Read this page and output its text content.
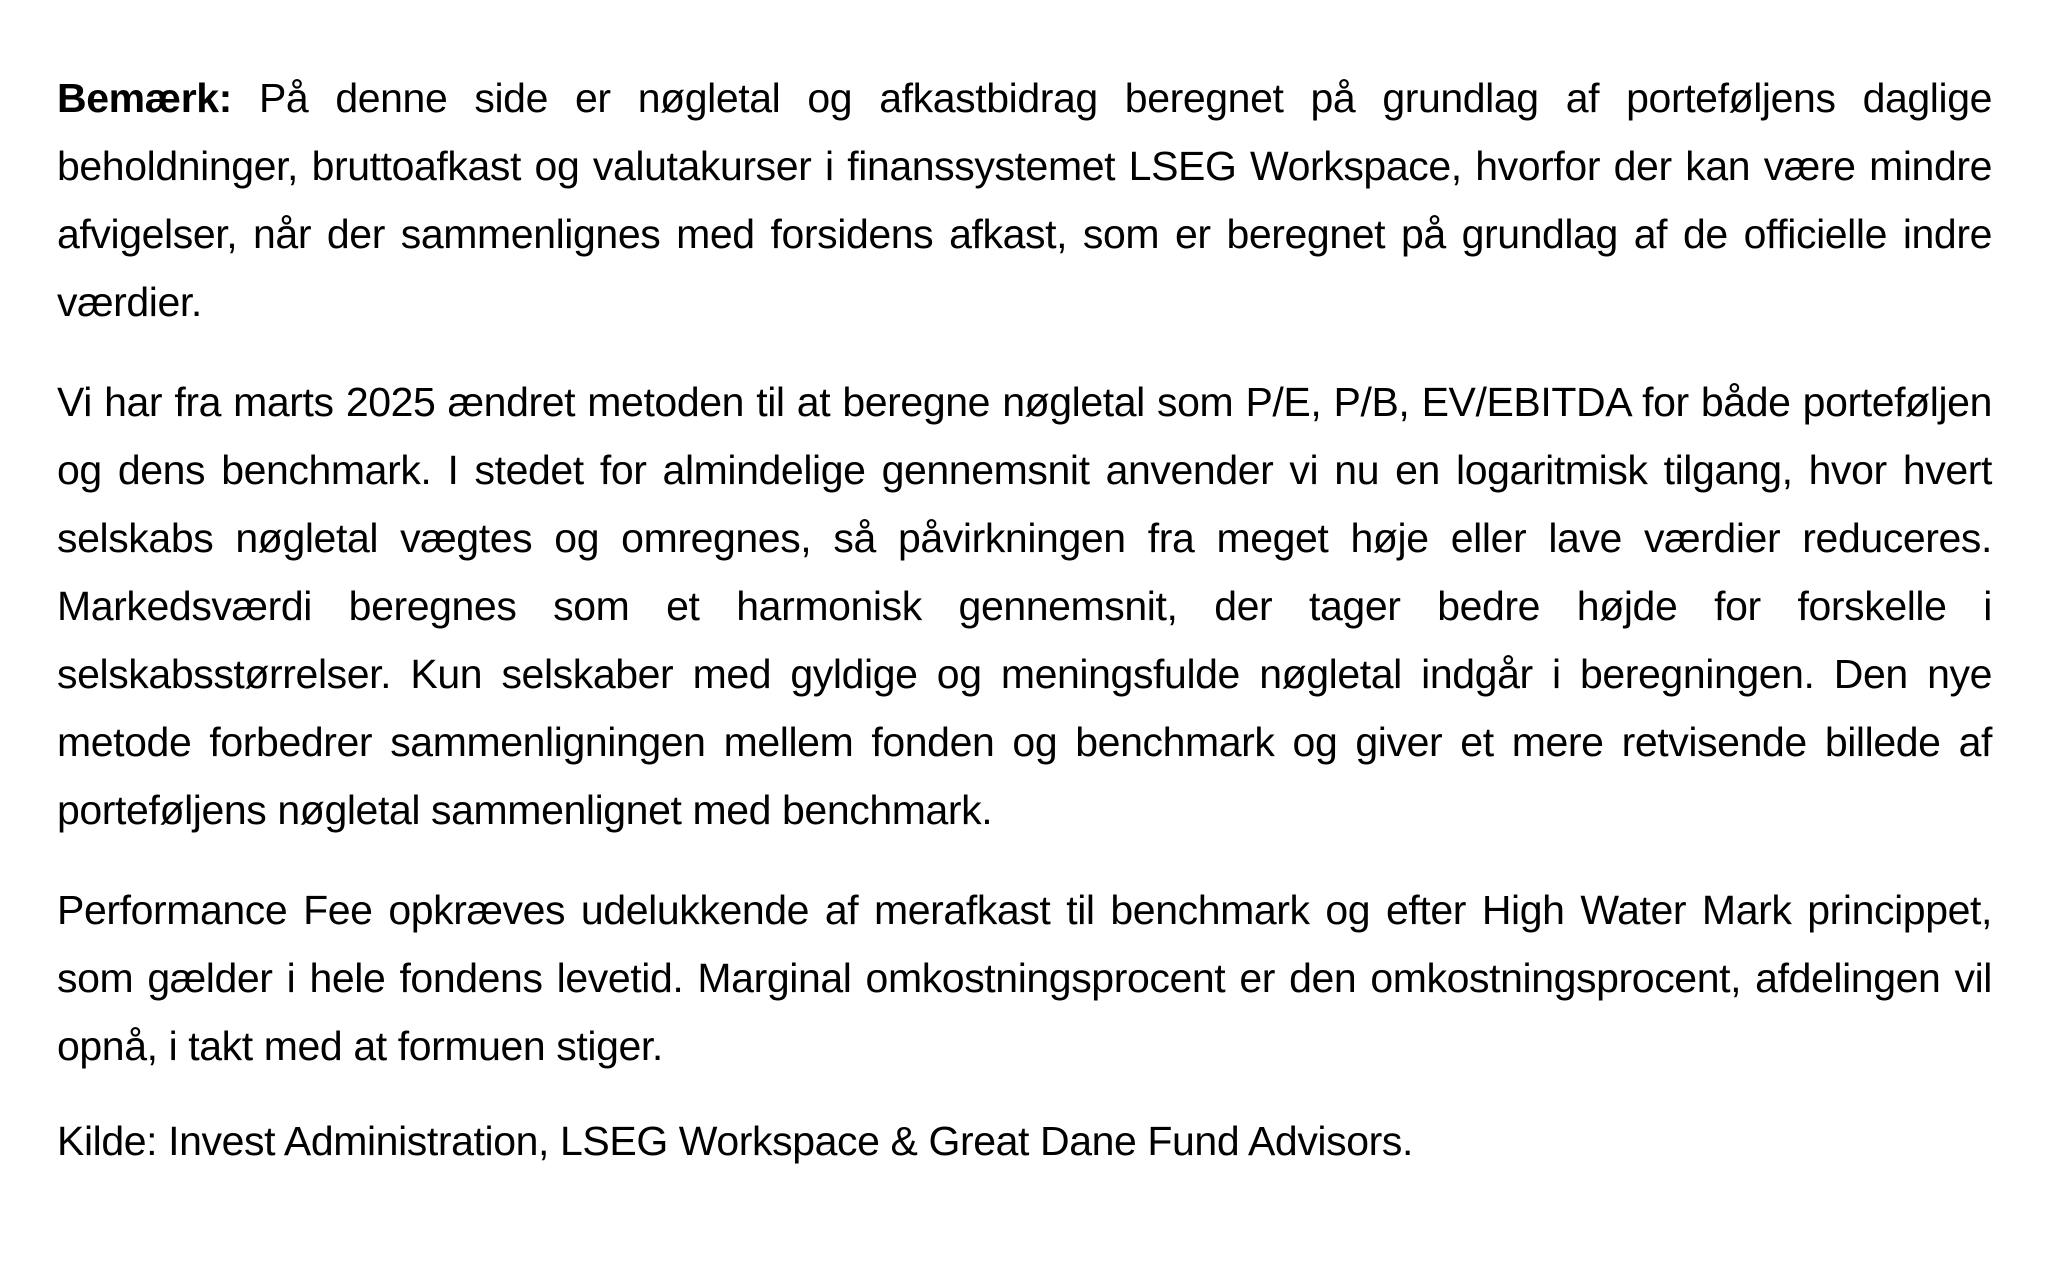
Bemærk: På denne side er nøgletal og afkastbidrag beregnet på grundlag af porteføljens daglige beholdninger, bruttoafkast og valutakurser i finanssystemet LSEG Workspace, hvorfor der kan være mindre afvigelser, når der sammenlignes med forsidens afkast, som er beregnet på grundlag af de officielle indre værdier.

Vi har fra marts 2025 ændret metoden til at beregne nøgletal som P/E, P/B, EV/EBITDA for både porteføljen og dens benchmark. I stedet for almindelige gennemsnit anvender vi nu en logaritmisk tilgang, hvor hvert selskabs nøgletal vægtes og omregnes, så påvirkningen fra meget høje eller lave værdier reduceres. Markedsværdi beregnes som et harmonisk gennemsnit, der tager bedre højde for forskelle i selskabsstørrelser. Kun selskaber med gyldige og meningsfulde nøgletal indgår i beregningen. Den nye metode forbedrer sammenligningen mellem fonden og benchmark og giver et mere retvisende billede af porteføljens nøgletal sammenlignet med benchmark.

Performance Fee opkræves udelukkende af merafkast til benchmark og efter High Water Mark princippet, som gælder i hele fondens levetid. Marginal omkostningsprocent er den omkostningsprocent, afdelingen vil opnå, i takt med at formuen stiger.

Kilde: Invest Administration, LSEG Workspace & Great Dane Fund Advisors.
